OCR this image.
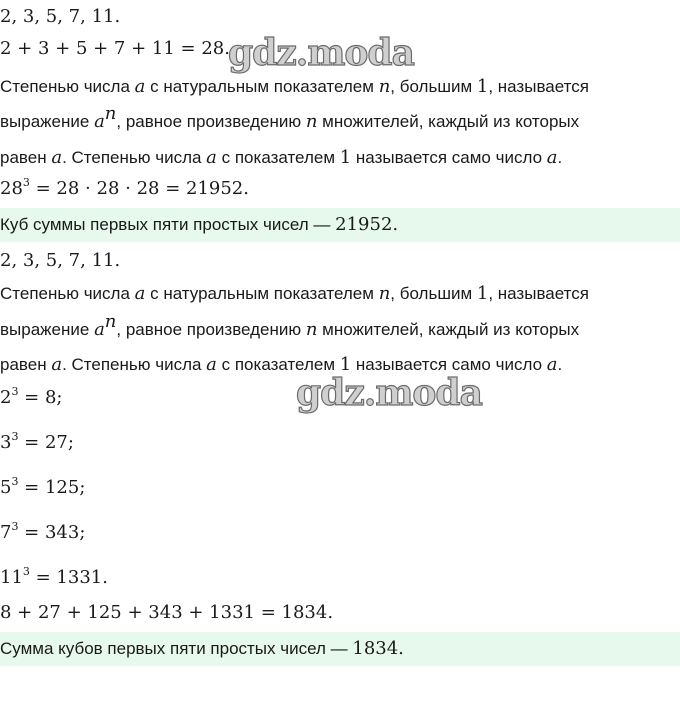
2, 3, 5, 7, 11.
2 + 3 + 5 + 7 + 11 = 28.
Степенью числа a с натуральным показателем n, большим 1, называется
выражение $a^n$, равное произведению n множителей, каждый из которых
равен a. Степенью числа a с показателем 1 называется само число a.
$28^3 = 28 \cdot 28 \cdot 28 = 21952$.
Куб суммы первых пяти простых чисел — 21952.
2, 3, 5, 7, 11.
Степенью числа a с натуральным показателем n, большим 1, называется
выражение $a^n$, равное произведению n множителей, каждый из которых
равен a. Степенью числа a с показателем 1 называется само число a.
$2^3 = 8$;
$3^3 = 27$;
$5^3 = 125$;
$7^3 = 343$;
$11^3 = 1331$.
8 + 27 + 125 + 343 + 1331 = 1834.
Сумма кубов первых пяти простых чисел — 1834.
gdz.moda
gdz.moda
